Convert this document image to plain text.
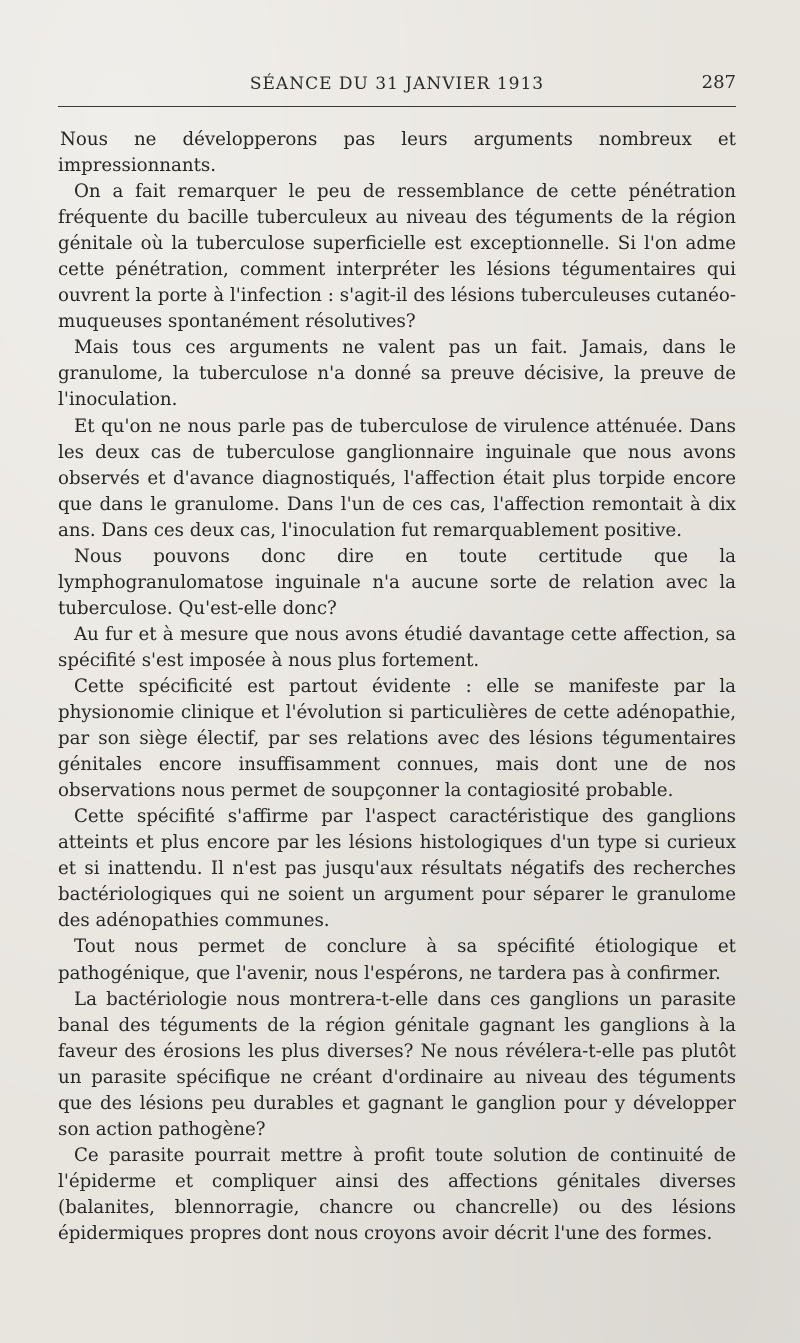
SÉANCE DU 31 JANVIER 1913	287

Nous ne développerons pas leurs arguments nombreux et impressionnants.

On a fait remarquer le peu de ressemblance de cette pénétration fréquente du bacille tuberculeux au niveau des téguments de la région génitale où la tuberculose superficielle est exceptionnelle. Si l'on adme cette pénétration, comment interpréter les lésions tégumentaires qui ouvrent la porte à l'infection : s'agit-il des lésions tuberculeuses cutanéo-muqueuses spontanément résolutives?

Mais tous ces arguments ne valent pas un fait. Jamais, dans le granulome, la tuberculose n'a donné sa preuve décisive, la preuve de l'inoculation.

Et qu'on ne nous parle pas de tuberculose de virulence atténuée. Dans les deux cas de tuberculose ganglionnaire inguinale que nous avons observés et d'avance diagnostiqués, l'affection était plus torpide encore que dans le granulome. Dans l'un de ces cas, l'affection remontait à dix ans. Dans ces deux cas, l'inoculation fut remarquablement positive.

Nous pouvons donc dire en toute certitude que la lymphogranulomatose inguinale n'a aucune sorte de relation avec la tuberculose. Qu'est-elle donc?

Au fur et à mesure que nous avons étudié davantage cette affection, sa spécifité s'est imposée à nous plus fortement.

Cette spécificité est partout évidente : elle se manifeste par la physionomie clinique et l'évolution si particulières de cette adénopathie, par son siège électif, par ses relations avec des lésions tégumentaires génitales encore insuffisamment connues, mais dont une de nos observations nous permet de soupçonner la contagiosité probable.

Cette spécifité s'affirme par l'aspect caractéristique des ganglions atteints et plus encore par les lésions histologiques d'un type si curieux et si inattendu. Il n'est pas jusqu'aux résultats négatifs des recherches bactériologiques qui ne soient un argument pour séparer le granulome des adénopathies communes.

Tout nous permet de conclure à sa spécifité étiologique et pathogénique, que l'avenir, nous l'espérons, ne tardera pas à confirmer.

La bactériologie nous montrera-t-elle dans ces ganglions un parasite banal des téguments de la région génitale gagnant les ganglions à la faveur des érosions les plus diverses? Ne nous révélera-t-elle pas plutôt un parasite spécifique ne créant d'ordinaire au niveau des téguments que des lésions peu durables et gagnant le ganglion pour y développer son action pathogène?

Ce parasite pourrait mettre à profit toute solution de continuité de l'épiderme et compliquer ainsi des affections génitales diverses (balanites, blennorragie, chancre ou chancrelle) ou des lésions épidermiques propres dont nous croyons avoir décrit l'une des formes.
